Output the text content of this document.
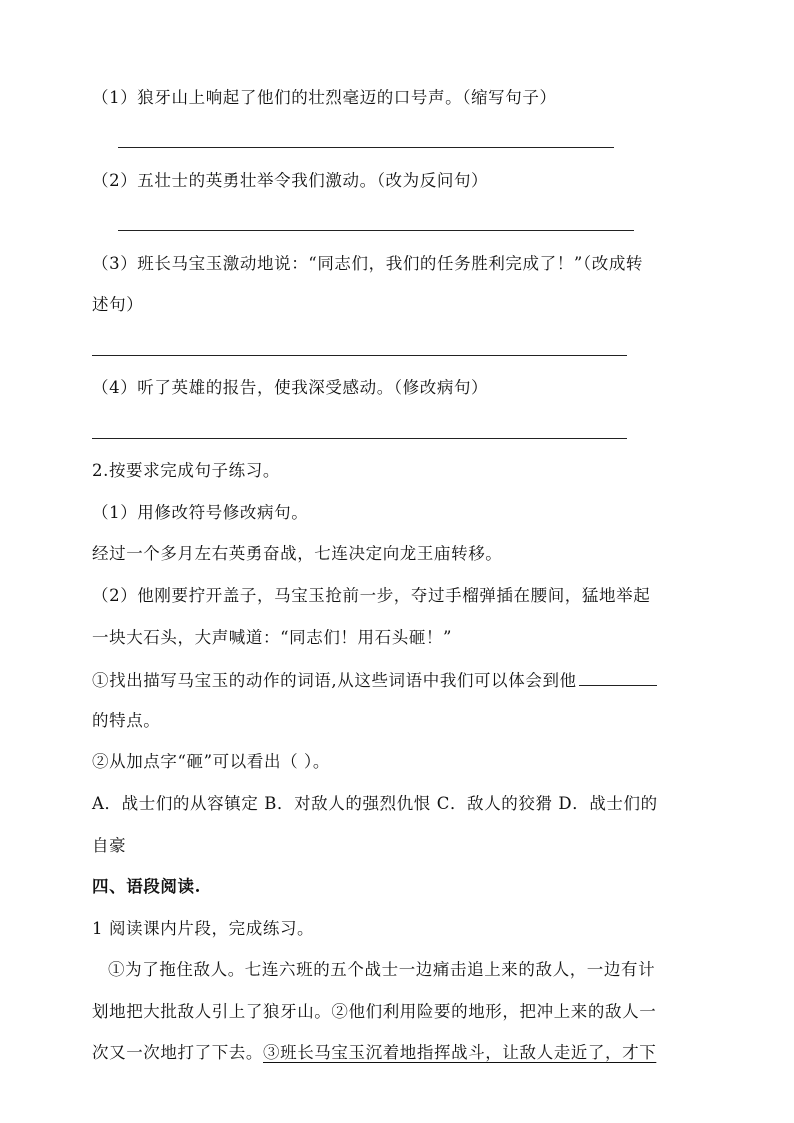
（1）狼牙山上响起了他们的壮烈毫迈的口号声。（缩写句子）
（2）五壮士的英勇壮举令我们激动。（改为反问句）
（3）班长马宝玉激动地说：“同志们，我们的任务胜利完成了！”（改成转
述句）
（4）听了英雄的报告，使我深受感动。（修改病句）
2.按要求完成句子练习。
（1）用修改符号修改病句。
经过一个多月左右英勇奋战，七连决定向龙王庙转移。
（2）他刚要拧开盖子，马宝玉抢前一步，夺过手榴弹插在腰间，猛地举起
一块大石头，大声喊道：“同志们！用石头砸！”
①找出描写马宝玉的动作的词语,从这些词语中我们可以体会到他
的特点。
②从加点字“砸”可以看出（ ）。
A．战士们的从容镇定 B．对敌人的强烈仇恨 C．敌人的狡猾 D．战士们的
自豪
四、语段阅读.
1 阅读课内片段，完成练习。
①为了拖住敌人。七连六班的五个战士一边痛击追上来的敌人，一边有计
划地把大批敌人引上了狼牙山。②他们利用险要的地形，把冲上来的敌人一
次又一次地打了下去。③班长马宝玉沉着地指挥战斗，让敌人走近了，才下
